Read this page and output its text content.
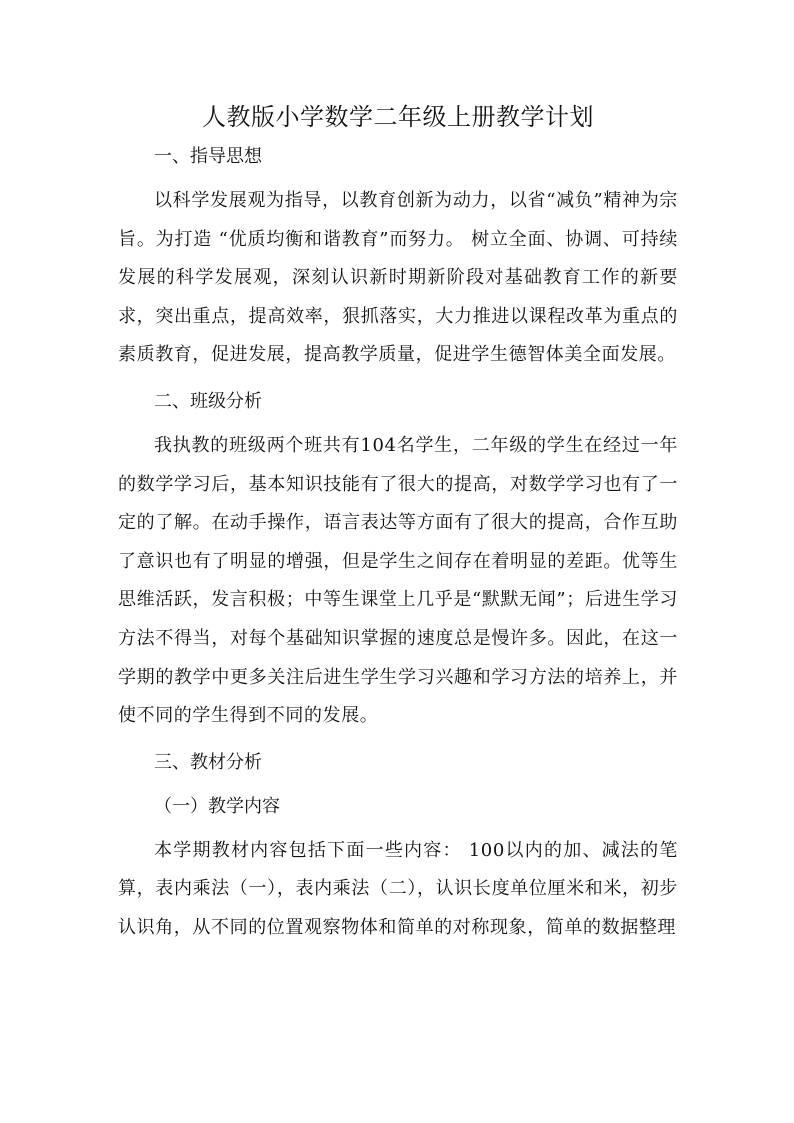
人教版小学数学二年级上册教学计划

一、指导思想

以科学发展观为指导，以教育创新为动力，以省“减负”精神为宗旨。为打造 “优质均衡和谐教育”而努力。 树立全面、协调、可持续发展的科学发展观，深刻认识新时期新阶段对基础教育工作的新要求，突出重点，提高效率，狠抓落实，大力推进以课程改革为重点的素质教育，促进发展，提高教学质量，促进学生德智体美全面发展。

二、班级分析

我执教的班级两个班共有104名学生，二年级的学生在经过一年的数学学习后，基本知识技能有了很大的提高，对数学学习也有了一定的了解。在动手操作，语言表达等方面有了很大的提高，合作互助了意识也有了明显的增强，但是学生之间存在着明显的差距。优等生思维活跃，发言积极；中等生课堂上几乎是“默默无闻”；后进生学习方法不得当，对每个基础知识掌握的速度总是慢许多。因此，在这一学期的教学中更多关注后进生学生学习兴趣和学习方法的培养上，并使不同的学生得到不同的发展。

三、教材分析

（一）教学内容

本学期教材内容包括下面一些内容： 100以内的加、减法的笔算，表内乘法（一），表内乘法（二），认识长度单位厘米和米，初步认识角，从不同的位置观察物体和简单的对称现象，简单的数据整理
